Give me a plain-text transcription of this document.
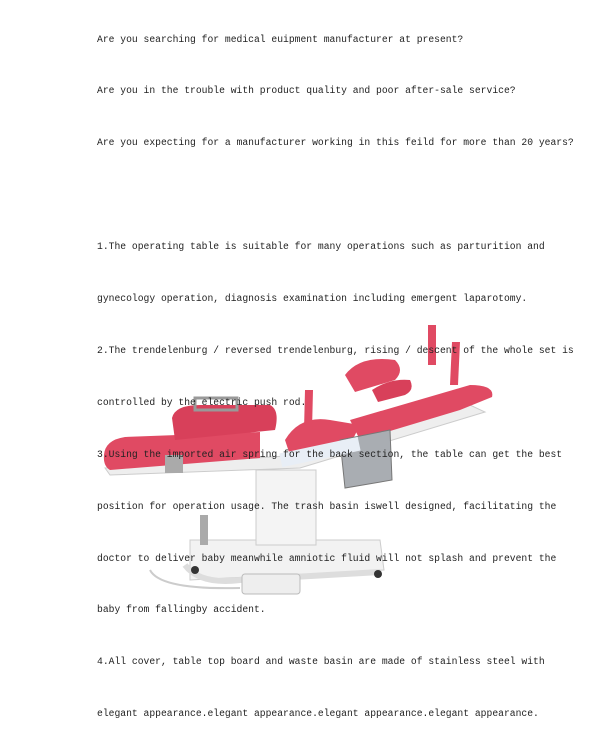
Are you searching for medical euipment manufacturer at present?

Are you in the trouble with product quality and poor after-sale service?

Are you expecting for a manufacturer working in this feild for more than 20 years?

1.The operating table is suitable for many operations such as parturition and

gynecology operation, diagnosis examination including emergent laparotomy.

2.The trendelenburg / reversed trendelenburg, rising / descent of the whole set is

controlled by the electric push rod.

3.Using the imported air spring for the back section, the table can get the best

position for operation usage. The trash basin iswell designed, facilitating the

doctor to deliver baby meanwhile amniotic fluid will not splash and prevent the

baby from fallingby accident.

4.All cover, table top board and waste basin are made of stainless steel with

elegant appearance.elegant appearance.elegant appearance.elegant appearance.
